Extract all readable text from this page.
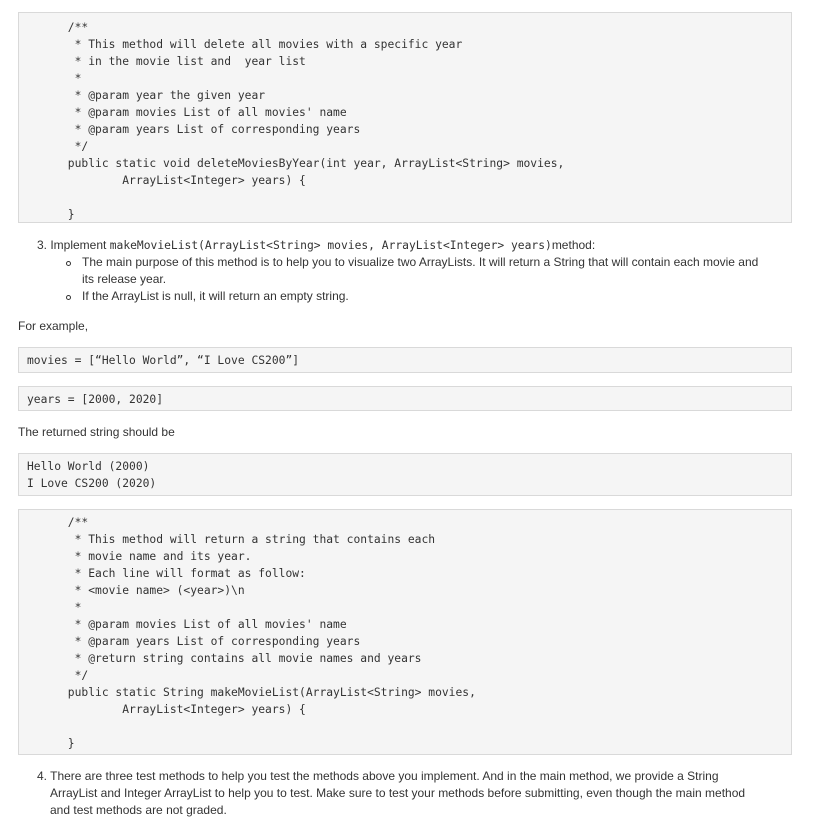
/**
* This method will delete all movies with a specific year
* in the movie list and  year list
*
* @param year the given year
* @param movies List of all movies' name
* @param years List of corresponding years
*/
public static void deleteMoviesByYear(int year, ArrayList<String> movies,
ArrayList<Integer> years) {
}
3. Implement makeMovieList(ArrayList<String> movies, ArrayList<Integer> years)method:
The main purpose of this method is to help you to visualize two ArrayLists. It will return a String that will contain each movie and
its release year.
If the ArrayList is null, it will return an empty string.
For example,
movies = [“Hello World”, “I Love CS200”]
years = [2000, 2020]
The returned string should be
Hello World (2000)
I Love CS200 (2020)
/**
* This method will return a string that contains each
* movie name and its year.
* Each line will format as follow:
* <movie name> (<year>)\n
*
* @param movies List of all movies' name
* @param years List of corresponding years
* @return string contains all movie names and years
*/
public static String makeMovieList(ArrayList<String> movies,
ArrayList<Integer> years) {
}
4. There are three test methods to help you test the methods above you implement. And in the main method, we provide a String
ArrayList and Integer ArrayList to help you to test. Make sure to test your methods before submitting, even though the main method
and test methods are not graded.
